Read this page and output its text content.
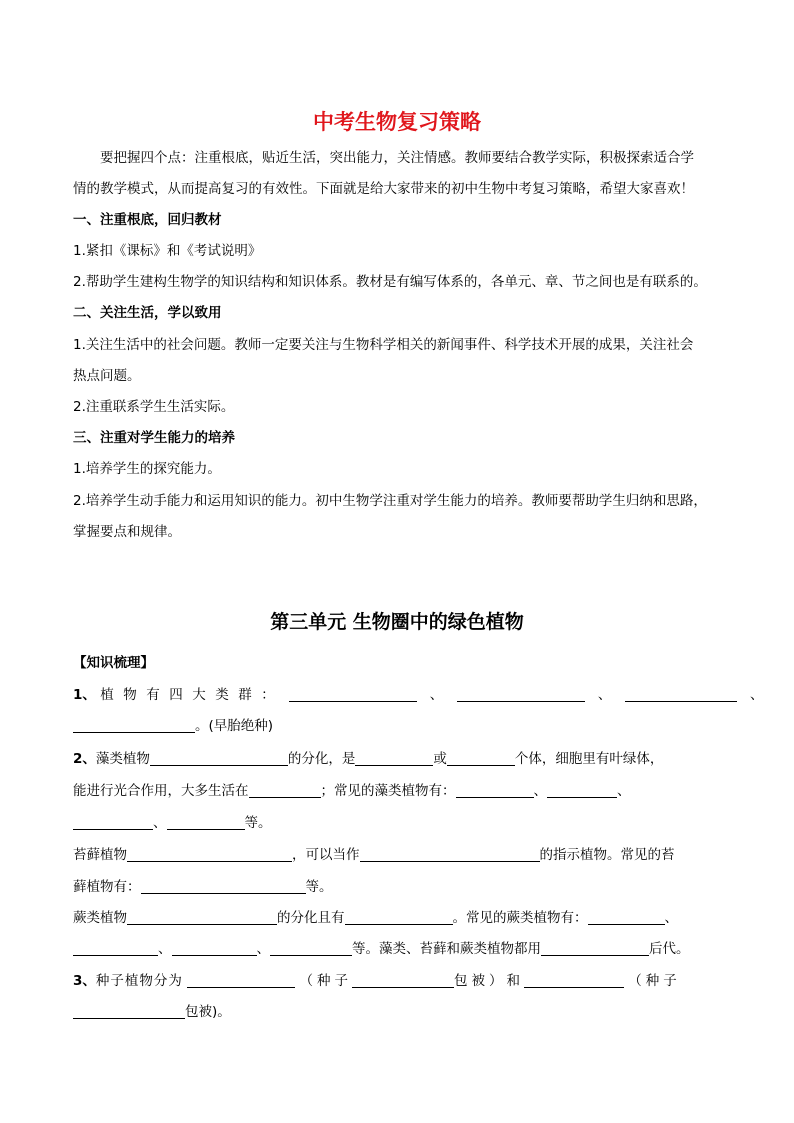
中考生物复习策略
要把握四个点：注重根底，贴近生活，突出能力，关注情感。教师要结合教学实际，积极探索适合学
情的教学模式，从而提高复习的有效性。下面就是给大家带来的初中生物中考复习策略，希望大家喜欢！
一、注重根底，回归教材
1.紧扣《课标》和《考试说明》
2.帮助学生建构生物学的知识结构和知识体系。教材是有编写体系的，各单元、章、节之间也是有联系的。
二、关注生活，学以致用
1.关注生活中的社会问题。教师一定要关注与生物科学相关的新闻事件、科学技术开展的成果，关注社会
热点问题。
2.注重联系学生生活实际。
三、注重对学生能力的培养
1.培养学生的探究能力。
2.培养学生动手能力和运用知识的能力。初中生物学注重对学生能力的培养。教师要帮助学生归纳和思路，
掌握要点和规律。
第三单元 生物圈中的绿色植物
【知识梳理】
1、 植物有四大类群：	、	、	、
。(早胎绝种)
2、藻类植物	的分化，是	或	个体，细胞里有叶绿体，
能进行光合作用，大多生活在	；常见的藻类植物有：	、	、
、	等。
苔藓植物	，可以当作	的指示植物。常见的苔
藓植物有：	等。
蕨类植物	的分化且有	。常见的蕨类植物有：	、
、	、	等。藻类、苔藓和蕨类植物都用	后代。
3、种子植物分为	（种子	包被）和	（种子
包被)。
